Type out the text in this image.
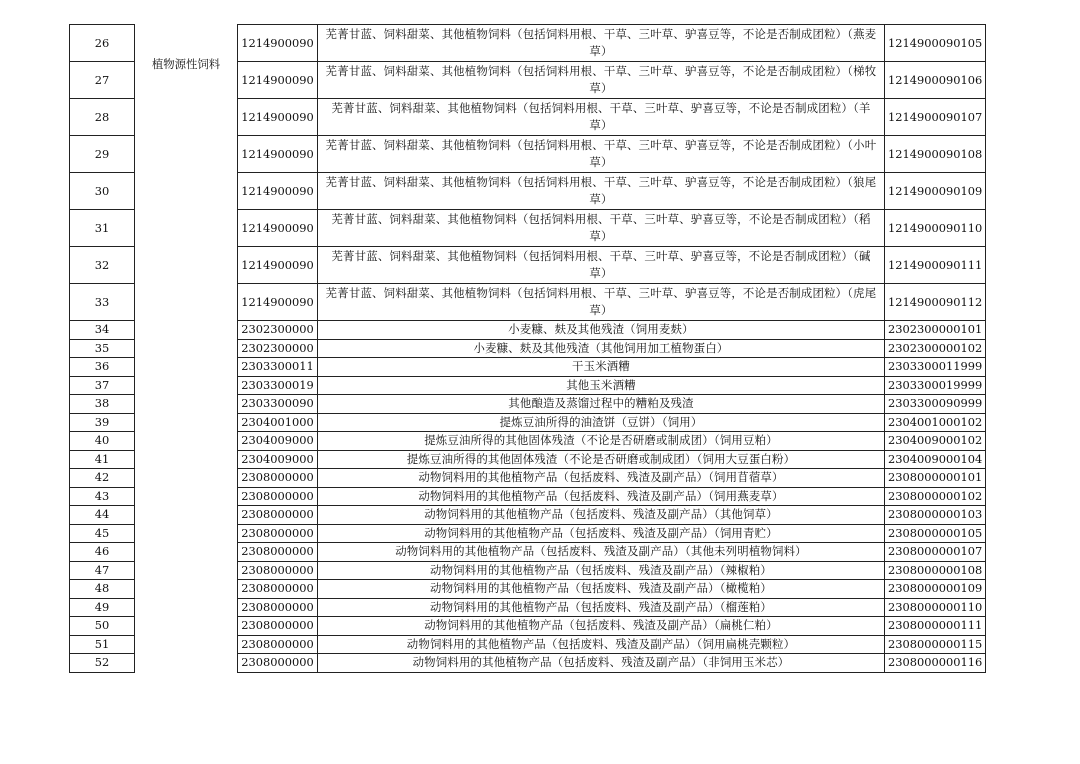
26	植物源性饲料	1214900090	芜菁甘蓝、饲料甜菜、其他植物饲料（包括饲料用根、干草、三叶草、驴喜豆等，不论是否制成团粒）（燕麦草）	1214900090105
27		1214900090	芜菁甘蓝、饲料甜菜、其他植物饲料（包括饲料用根、干草、三叶草、驴喜豆等，不论是否制成团粒）（梯牧草）	1214900090106
28		1214900090	芜菁甘蓝、饲料甜菜、其他植物饲料（包括饲料用根、干草、三叶草、驴喜豆等，不论是否制成团粒）（羊草）	1214900090107
29		1214900090	芜菁甘蓝、饲料甜菜、其他植物饲料（包括饲料用根、干草、三叶草、驴喜豆等，不论是否制成团粒）（小叶草）	1214900090108
30		1214900090	芜菁甘蓝、饲料甜菜、其他植物饲料（包括饲料用根、干草、三叶草、驴喜豆等，不论是否制成团粒）（狼尾草）	1214900090109
31		1214900090	芜菁甘蓝、饲料甜菜、其他植物饲料（包括饲料用根、干草、三叶草、驴喜豆等，不论是否制成团粒）（稻草）	1214900090110
32		1214900090	芜菁甘蓝、饲料甜菜、其他植物饲料（包括饲料用根、干草、三叶草、驴喜豆等，不论是否制成团粒）（碱草）	1214900090111
33		1214900090	芜菁甘蓝、饲料甜菜、其他植物饲料（包括饲料用根、干草、三叶草、驴喜豆等，不论是否制成团粒）（虎尾草）	1214900090112
34		2302300000	小麦糠、麸及其他残渣（饲用麦麸）	2302300000101
35		2302300000	小麦糠、麸及其他残渣（其他饲用加工植物蛋白）	2302300000102
36		2303300011	干玉米酒糟	2303300011999
37		2303300019	其他玉米酒糟	2303300019999
38		2303300090	其他酿造及蒸馏过程中的糟粕及残渣	2303300090999
39		2304001000	提炼豆油所得的油渣饼（豆饼）（饲用）	2304001000102
40		2304009000	提炼豆油所得的其他固体残渣（不论是否研磨或制成团）（饲用豆粕）	2304009000102
41		2304009000	提炼豆油所得的其他固体残渣（不论是否研磨或制成团）（饲用大豆蛋白粉）	2304009000104
42		2308000000	动物饲料用的其他植物产品（包括废料、残渣及副产品）（饲用苜蓿草）	2308000000101
43		2308000000	动物饲料用的其他植物产品（包括废料、残渣及副产品）（饲用燕麦草）	2308000000102
44		2308000000	动物饲料用的其他植物产品（包括废料、残渣及副产品）（其他饲草）	2308000000103
45		2308000000	动物饲料用的其他植物产品（包括废料、残渣及副产品）（饲用青贮）	2308000000105
46		2308000000	动物饲料用的其他植物产品（包括废料、残渣及副产品）（其他未列明植物饲料）	2308000000107
47		2308000000	动物饲料用的其他植物产品（包括废料、残渣及副产品）（辣椒粕）	2308000000108
48		2308000000	动物饲料用的其他植物产品（包括废料、残渣及副产品）（橄榄粕）	2308000000109
49		2308000000	动物饲料用的其他植物产品（包括废料、残渣及副产品）（榴莲粕）	2308000000110
50		2308000000	动物饲料用的其他植物产品（包括废料、残渣及副产品）（扁桃仁粕）	2308000000111
51		2308000000	动物饲料用的其他植物产品（包括废料、残渣及副产品）（饲用扁桃壳颗粒）	2308000000115
52		2308000000	动物饲料用的其他植物产品（包括废料、残渣及副产品）（非饲用玉米芯）	2308000000116
